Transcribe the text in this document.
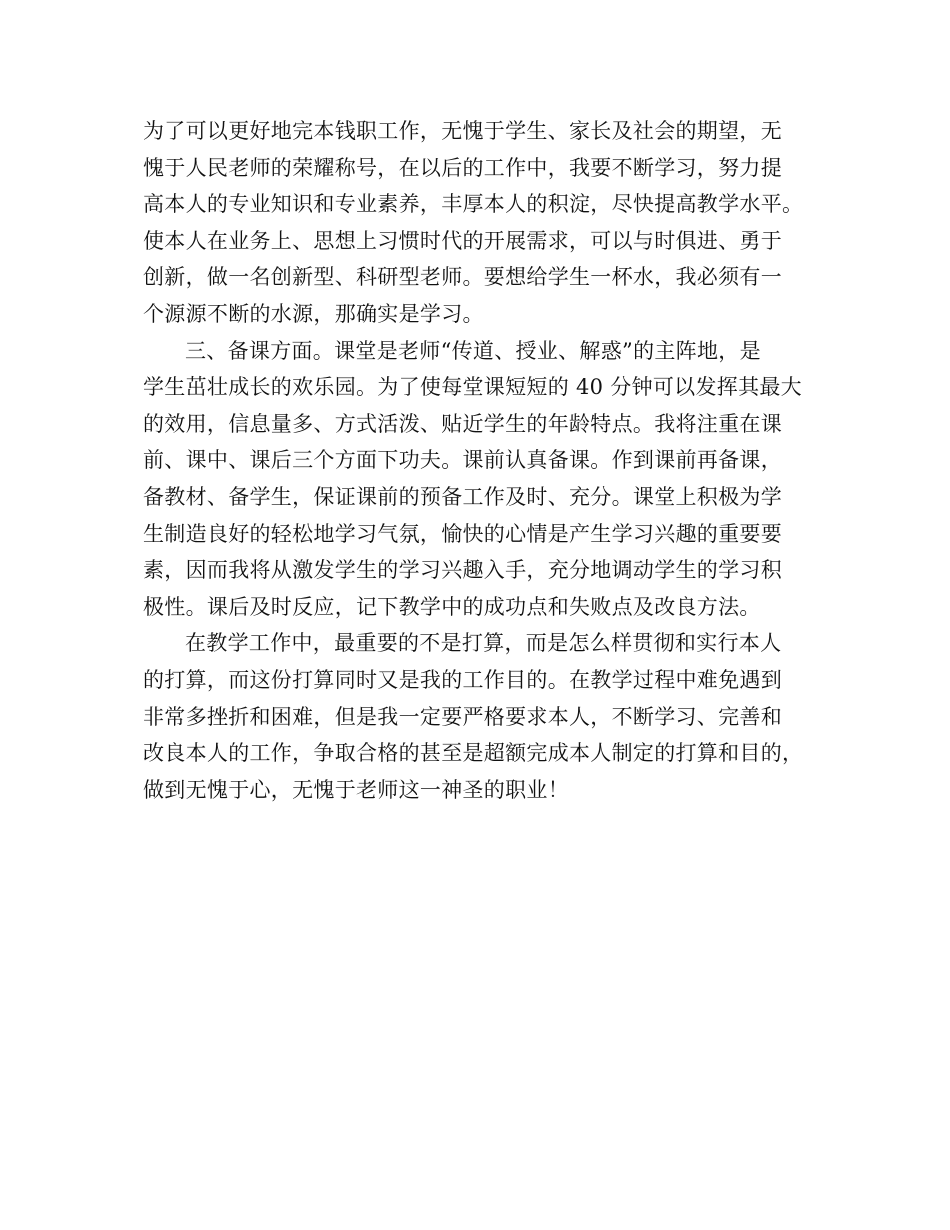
为了可以更好地完本钱职工作，无愧于学生、家长及社会的期望，无
愧于人民老师的荣耀称号，在以后的工作中，我要不断学习，努力提
高本人的专业知识和专业素养，丰厚本人的积淀，尽快提高教学水平。
使本人在业务上、思想上习惯时代的开展需求，可以与时俱进、勇于
创新，做一名创新型、科研型老师。要想给学生一杯水，我必须有一
个源源不断的水源，那确实是学习。
三、备课方面。课堂是老师“传道、授业、解惑”的主阵地，是
学生茁壮成长的欢乐园。为了使每堂课短短的 40 分钟可以发挥其最大
的效用，信息量多、方式活泼、贴近学生的年龄特点。我将注重在课
前、课中、课后三个方面下功夫。课前认真备课。作到课前再备课，
备教材、备学生，保证课前的预备工作及时、充分。课堂上积极为学
生制造良好的轻松地学习气氛，愉快的心情是产生学习兴趣的重要要
素，因而我将从激发学生的学习兴趣入手，充分地调动学生的学习积
极性。课后及时反应，记下教学中的成功点和失败点及改良方法。
在教学工作中，最重要的不是打算，而是怎么样贯彻和实行本人
的打算，而这份打算同时又是我的工作目的。在教学过程中难免遇到
非常多挫折和困难，但是我一定要严格要求本人，不断学习、完善和
改良本人的工作，争取合格的甚至是超额完成本人制定的打算和目的，
做到无愧于心，无愧于老师这一神圣的职业！
